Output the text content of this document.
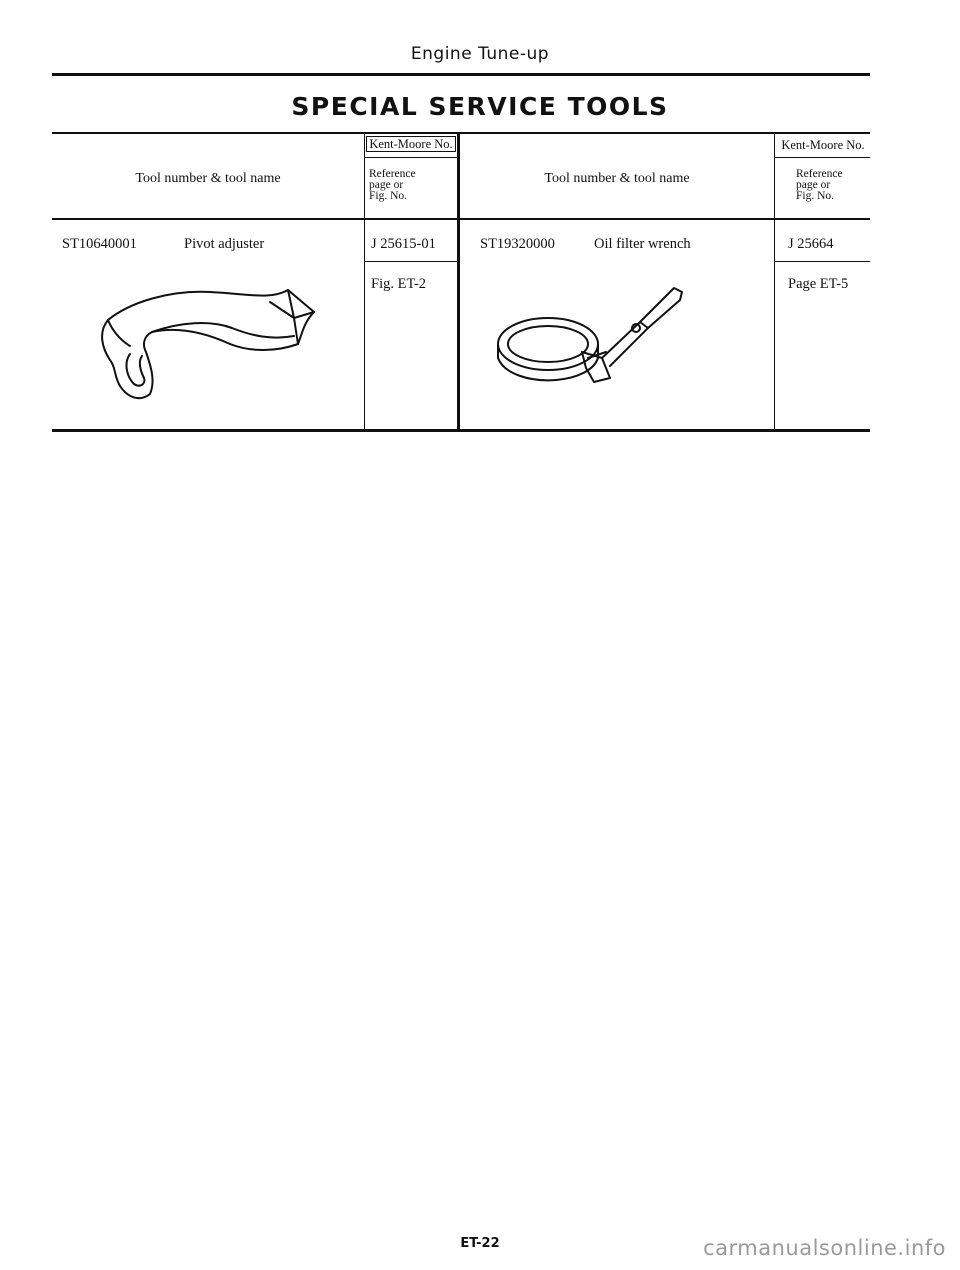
Engine Tune-up
SPECIAL SERVICE TOOLS
Tool number & tool name
Kent-Moore No.
Reference
page or
Fig. No.
Tool number & tool name
Kent-Moore No.
Reference
page or
Fig. No.
ST10640001	Pivot adjuster	J 25615-01
Fig. ET-2
ST19320000	Oil filter wrench	J 25664
Page ET-5
ET-22	carmanualsonline.info
